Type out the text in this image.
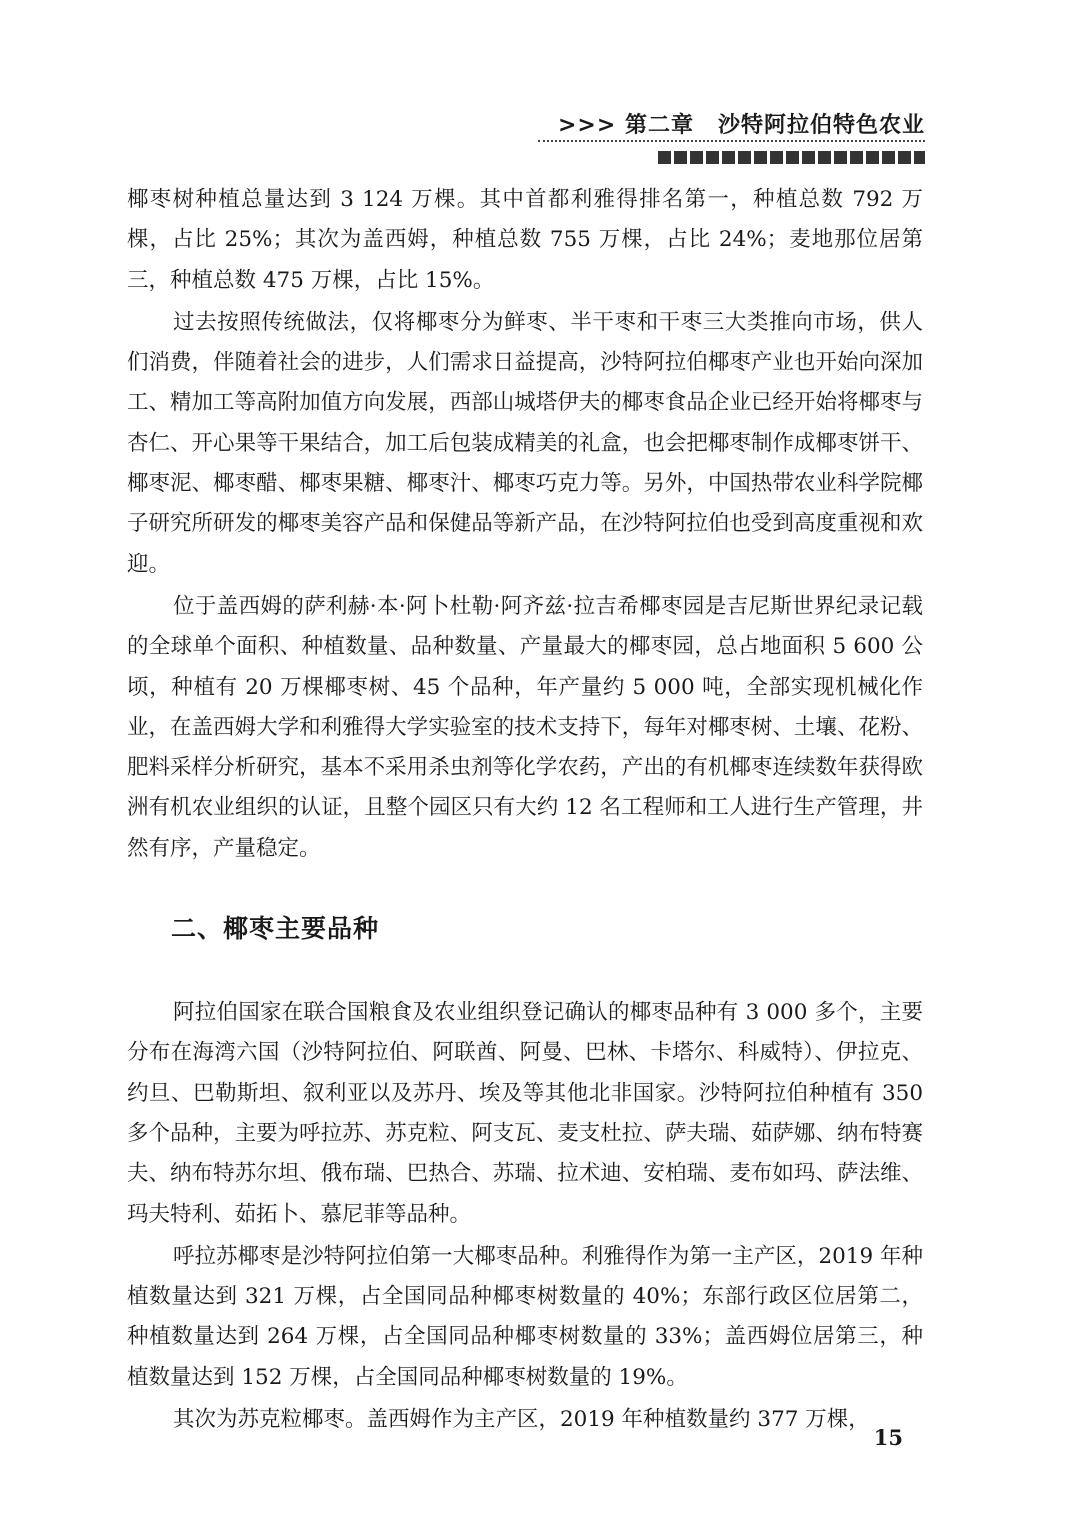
>>> 第二章 沙特阿拉伯特色农业

椰枣树种植总量达到 3 124 万棵。其中首都利雅得排名第一，种植总数 792 万棵，占比 25%；其次为盖西姆，种植总数 755 万棵，占比 24%；麦地那位居第三，种植总数 475 万棵，占比 15%。

过去按照传统做法，仅将椰枣分为鲜枣、半干枣和干枣三大类推向市场，供人们消费，伴随着社会的进步，人们需求日益提高，沙特阿拉伯椰枣产业也开始向深加工、精加工等高附加值方向发展，西部山城塔伊夫的椰枣食品企业已经开始将椰枣与杏仁、开心果等干果结合，加工后包装成精美的礼盒，也会把椰枣制作成椰枣饼干、椰枣泥、椰枣醋、椰枣果糖、椰枣汁、椰枣巧克力等。另外，中国热带农业科学院椰子研究所研发的椰枣美容产品和保健品等新产品，在沙特阿拉伯也受到高度重视和欢迎。

位于盖西姆的萨利赫·本·阿卜杜勒·阿齐兹·拉吉希椰枣园是吉尼斯世界纪录记载的全球单个面积、种植数量、品种数量、产量最大的椰枣园，总占地面积 5 600 公顷，种植有 20 万棵椰枣树、45 个品种，年产量约 5 000 吨，全部实现机械化作业，在盖西姆大学和利雅得大学实验室的技术支持下，每年对椰枣树、土壤、花粉、肥料采样分析研究，基本不采用杀虫剂等化学农药，产出的有机椰枣连续数年获得欧洲有机农业组织的认证，且整个园区只有大约 12 名工程师和工人进行生产管理，井然有序，产量稳定。

二、椰枣主要品种

阿拉伯国家在联合国粮食及农业组织登记确认的椰枣品种有 3 000 多个，主要分布在海湾六国（沙特阿拉伯、阿联酋、阿曼、巴林、卡塔尔、科威特）、伊拉克、约旦、巴勒斯坦、叙利亚以及苏丹、埃及等其他北非国家。沙特阿拉伯种植有 350 多个品种，主要为呼拉苏、苏克粒、阿支瓦、麦支杜拉、萨夫瑞、茹萨娜、纳布特赛夫、纳布特苏尔坦、俄布瑞、巴热合、苏瑞、拉术迪、安柏瑞、麦布如玛、萨法维、玛夫特利、茹拓卜、慕尼菲等品种。

呼拉苏椰枣是沙特阿拉伯第一大椰枣品种。利雅得作为第一主产区，2019 年种植数量达到 321 万棵，占全国同品种椰枣树数量的 40%；东部行政区位居第二，种植数量达到 264 万棵，占全国同品种椰枣树数量的 33%；盖西姆位居第三，种植数量达到 152 万棵，占全国同品种椰枣树数量的 19%。

其次为苏克粒椰枣。盖西姆作为主产区，2019 年种植数量约 377 万棵，

15
